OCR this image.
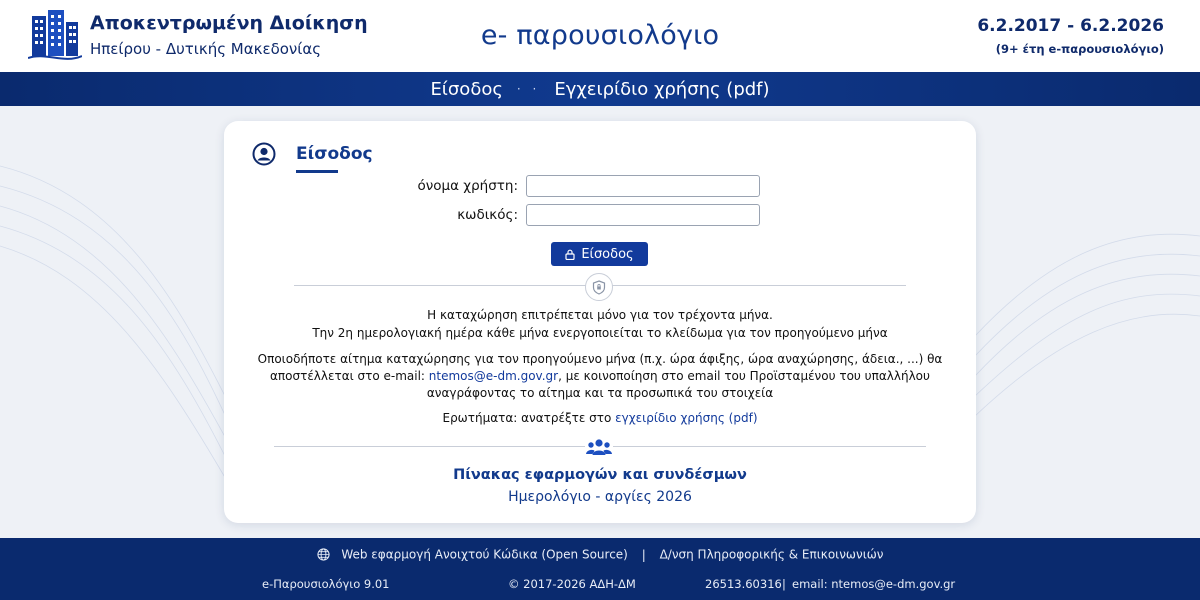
Αποκεντρωμένη Διοίκηση
Ηπείρου - Δυτικής Μακεδονίας	e- παρουσιολόγιο	6.2.2017 - 6.2.2026
(9+ έτη e-παρουσιολόγιο)
Είσοδος · · Εγχειρίδιο χρήσης (pdf)
Είσοδος
όνομα χρήστη:
κωδικός:
Είσοδος
Η καταχώρηση επιτρέπεται μόνο για τον τρέχοντα μήνα.
Την 2η ημερολογιακή ημέρα κάθε μήνα ενεργοποιείται το κλείδωμα για τον προηγούμενο μήνα
Οποιοδήποτε αίτημα καταχώρησης για τον προηγούμενο μήνα (π.χ. ώρα άφιξης, ώρα αναχώρησης, άδεια., ...) θα
αποστέλλεται στο e-mail: ntemos@e-dm.gov.gr, με κοινοποίηση στο email του Προϊσταμένου του υπαλλήλου
αναγράφοντας το αίτημα και τα προσωπικά του στοιχεία
Ερωτήματα: ανατρέξτε στο εγχειρίδιο χρήσης (pdf)
Πίνακας εφαρμογών και συνδέσμων
Ημερολόγιο - αργίες 2026
Web εφαρμογή Ανοιχτού Κώδικα (Open Source) | Δ/νση Πληροφορικής & Επικοινωνιών
e-Παρουσιολόγιο 9.01	© 2017-2026 ΑΔΗ-ΔΜ	26513.60316 | email: ntemos@e-dm.gov.gr
